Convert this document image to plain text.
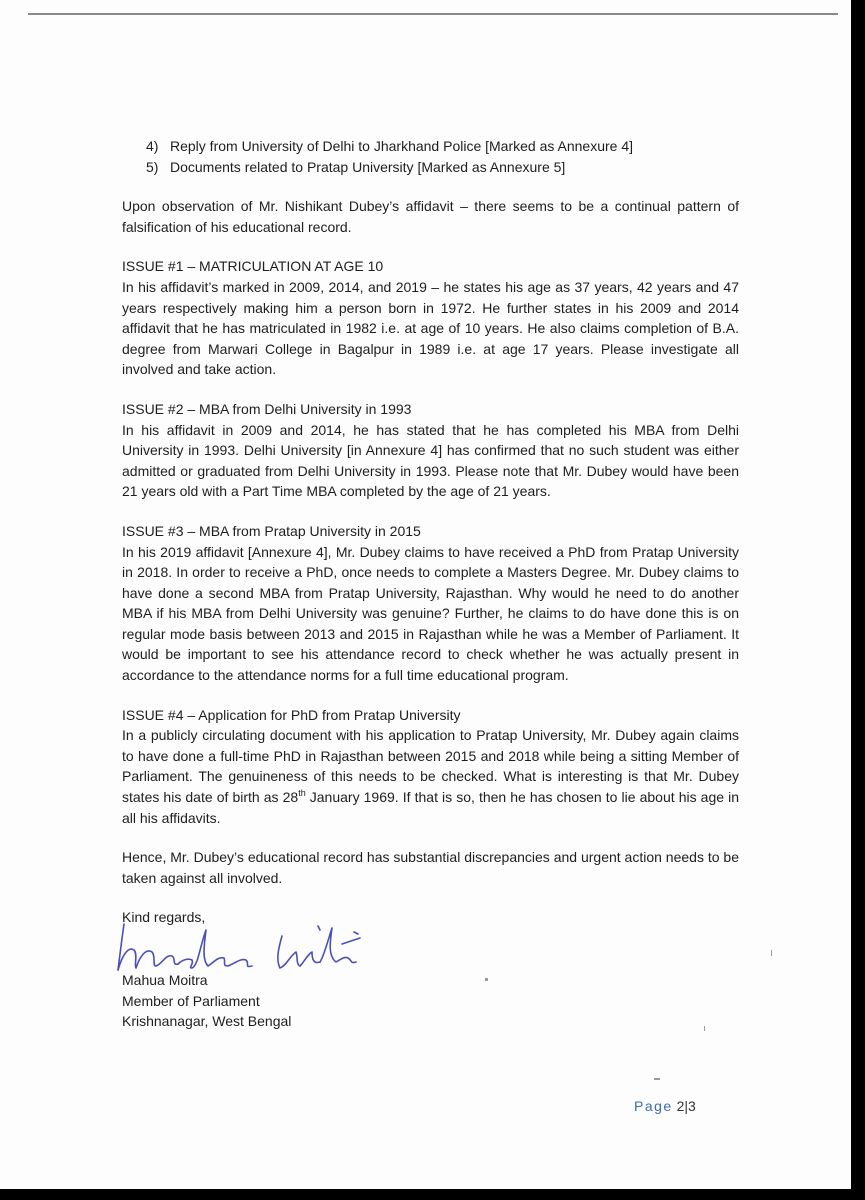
4) Reply from University of Delhi to Jharkhand Police [Marked as Annexure 4]
5) Documents related to Pratap University [Marked as Annexure 5]

Upon observation of Mr. Nishikant Dubey’s affidavit – there seems to be a continual pattern of falsification of his educational record.

ISSUE #1 – MATRICULATION AT AGE 10

In his affidavit’s marked in 2009, 2014, and 2019 – he states his age as 37 years, 42 years and 47 years respectively making him a person born in 1972. He further states in his 2009 and 2014 affidavit that he has matriculated in 1982 i.e. at age of 10 years. He also claims completion of B.A. degree from Marwari College in Bagalpur in 1989 i.e. at age 17 years. Please investigate all involved and take action.

ISSUE #2 – MBA from Delhi University in 1993

In his affidavit in 2009 and 2014, he has stated that he has completed his MBA from Delhi University in 1993. Delhi University [in Annexure 4] has confirmed that no such student was either admitted or graduated from Delhi University in 1993. Please note that Mr. Dubey would have been 21 years old with a Part Time MBA completed by the age of 21 years.

ISSUE #3 – MBA from Pratap University in 2015

In his 2019 affidavit [Annexure 4], Mr. Dubey claims to have received a PhD from Pratap University in 2018. In order to receive a PhD, once needs to complete a Masters Degree. Mr. Dubey claims to have done a second MBA from Pratap University, Rajasthan. Why would he need to do another MBA if his MBA from Delhi University was genuine? Further, he claims to do have done this is on regular mode basis between 2013 and 2015 in Rajasthan while he was a Member of Parliament. It would be important to see his attendance record to check whether he was actually present in accordance to the attendance norms for a full time educational program.

ISSUE #4 – Application for PhD from Pratap University

In a publicly circulating document with his application to Pratap University, Mr. Dubey again claims to have done a full-time PhD in Rajasthan between 2015 and 2018 while being a sitting Member of Parliament. The genuineness of this needs to be checked. What is interesting is that Mr. Dubey states his date of birth as 28th January 1969. If that is so, then he has chosen to lie about his age in all his affidavits.

Hence, Mr. Dubey’s educational record has substantial discrepancies and urgent action needs to be taken against all involved.

Kind regards,

Mahua Moitra

Member of Parliament

Krishnanagar, West Bengal

Page 2|3
